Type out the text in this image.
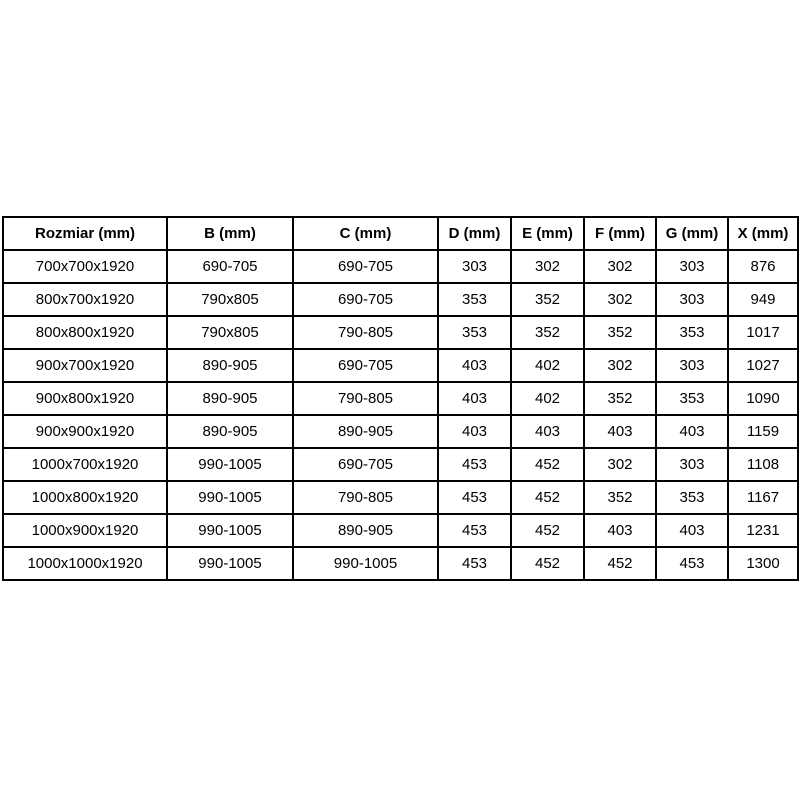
Rozmiar (mm)	B (mm)	C (mm)	D (mm)	E (mm)	F (mm)	G (mm)	X (mm)
700x700x1920	690-705	690-705	303	302	302	303	876
800x700x1920	790x805	690-705	353	352	302	303	949
800x800x1920	790x805	790-805	353	352	352	353	1017
900x700x1920	890-905	690-705	403	402	302	303	1027
900x800x1920	890-905	790-805	403	402	352	353	1090
900x900x1920	890-905	890-905	403	403	403	403	1159
1000x700x1920	990-1005	690-705	453	452	302	303	1108
1000x800x1920	990-1005	790-805	453	452	352	353	1167
1000x900x1920	990-1005	890-905	453	452	403	403	1231
1000x1000x1920	990-1005	990-1005	453	452	452	453	1300
